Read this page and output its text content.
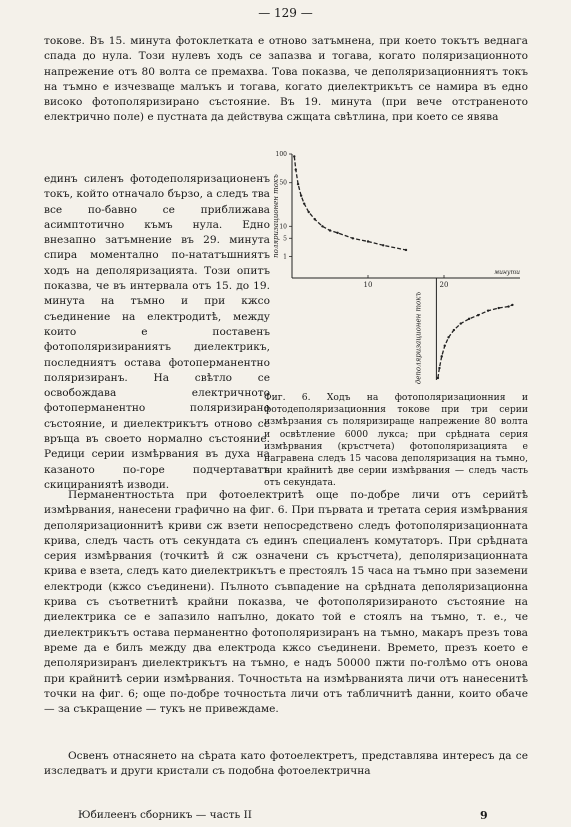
— 129 —
токове. Въ 15. минута фотоклетката е отново затъмнена, при което токътъ веднага спада до нула. Този нулевъ ходъ се запазва и тогава, когато поляризационното напрежение отъ 80 волта се премахва. Това показва, че деполяризационниятъ токъ на тъмно е изчезваще малъкъ и тогава, когато диелектрикътъ се намира въ едно високо фотополяризирано състояние. Въ 19. минута (при вече отстраненото електрично поле) е пустната да действува сжщата свѣтлина, при което се явява
единъ силенъ фотодеполяризационенъ токъ, който отначало бързо, а следъ тва все по-бавно се приближава асимптотично къмъ нула. Едно внезапно затъмнение въ 29. минута спира моментално по-нататъшниятъ ходъ на деполяризацията. Този опитъ показва, че въ интервала отъ 15. до 19. минута на тъмно и при кжсо съединение на електродитѣ, между които е поставенъ фотополяризираниятъ диелектрикъ, последниятъ остава фотоперманентно поляризиранъ. На свѣтло се освобождава електричното фотоперманентно поляризирано състояние, и диелектрикътъ отново се връща въ своето нормално състояние. Редици серии измѣрвания въ духа на казаното по-горе подчертаватъ скицираниятѣ изводи.
100
50
10
5
1
10	20
минути
поляризационен токъ
деполяризационен токъ
Фиг. 6. Ходъ на фотополяризационния и фотодеполяризационния токове при три серии измѣрзания съ поляризираще напрежение 80 волта и освѣтление 6000 лукса; при срѣдната серия измѣрвания (кръстчета) фотополяризацията е награвена следъ 15 часова деполяризация на тъмно, при крайнитѣ две серии измѣрвания — следъ часть отъ секундата.
Перманентностьта при фотоелектритѣ още по-добре личи отъ серийтѣ измѣрвания, нанесени графично на фиг. 6. При първата и третата серия измѣрвания деполяризационнитѣ криви сж взети непосредствено следъ фотополяризационната крива, следъ часть отъ секундата съ единъ специаленъ комутаторъ. При срѣдната серия измѣрвания (точкитѣ й сж означени съ кръстчета), деполяризационната крива е взета, следъ като диелектрикътъ е престоялъ 15 часа на тъмно при заземени електроди (кжсо съединени). Пълното съвпадение на срѣдната деполяризационна крива съ съответнитѣ крайни показва, че фотополяризираното състояние на диелектрика се е запазило напълно, докато той е стоялъ на тъмно, т. е., че диелектрикътъ остава перманентно фотополяризиранъ на тъмно, макаръ презъ това време да е билъ между два електрода кжсо съединени. Времето, презъ което е деполяризиранъ диелектрикътъ на тъмно, е надъ 50000 пжти по-голѣмо отъ онова при крайнитѣ серии измѣрвания. Точностьта на измѣрванията личи отъ нанесенитѣ точки на фиг. 6; още по-добре точностьта личи отъ табличнитѣ данни, които обаче — за съкращение — тукъ не привеждаме.
Освенъ отнасянето на сѣрата като фотоелектретъ, представлява интересъ да се изследватъ и други кристали съ подобна фотоелектрична
Юбилеенъ сборникъ — часть II	9
